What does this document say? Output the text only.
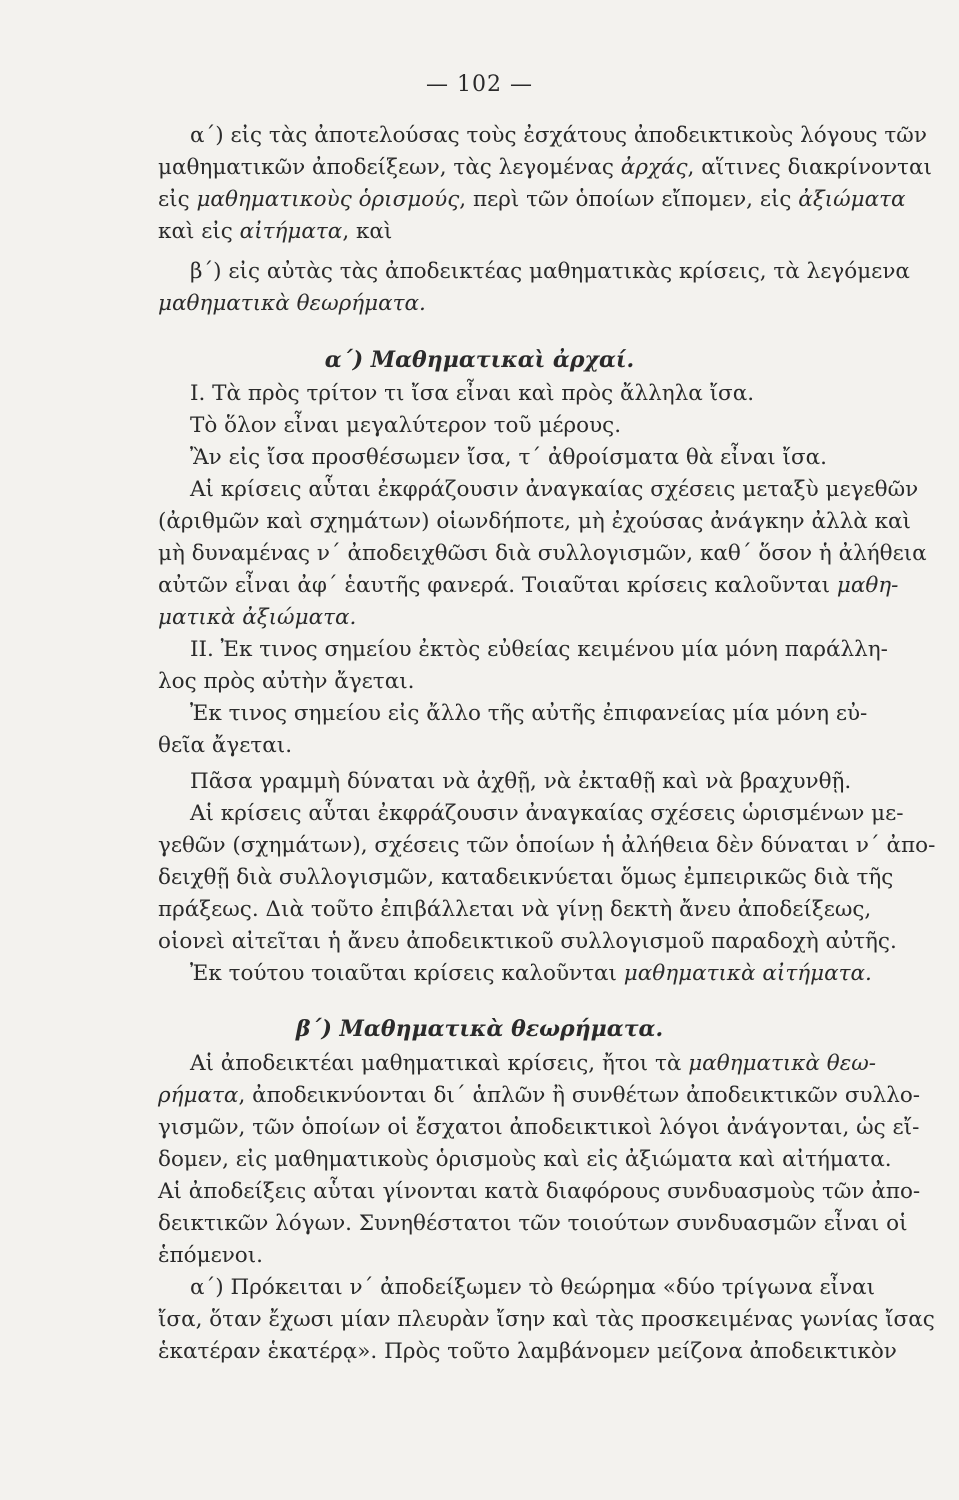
— 102 —
α΄) εἰς τὰς ἀποτελούσας τοὺς ἐσχάτους ἀποδεικτικοὺς λόγους τῶν
μαθηματικῶν ἀποδείξεων, τὰς λεγομένας ἀρχάς, αἵτινες διακρίνονται
εἰς μαθηματικοὺς ὁρισμούς, περὶ τῶν ὁποίων εἴπομεν, εἰς ἀξιώματα
καὶ εἰς αἰτήματα, καὶ
β΄) εἰς αὐτὰς τὰς ἀποδεικτέας μαθηματικὰς κρίσεις, τὰ λεγόμενα
μαθηματικὰ θεωρήματα.
α΄) Μαθηματικαὶ ἀρχαί.
I. Τὰ πρὸς τρίτον τι ἴσα εἶναι καὶ πρὸς ἄλληλα ἴσα.
Τὸ ὅλον εἶναι μεγαλύτερον τοῦ μέρους.
Ἂν εἰς ἴσα προσθέσωμεν ἴσα, τ΄ ἀθροίσματα θὰ εἶναι ἴσα.
Αἱ κρίσεις αὗται ἐκφράζουσιν ἀναγκαίας σχέσεις μεταξὺ μεγεθῶν
(ἀριθμῶν καὶ σχημάτων) οἱωνδήποτε, μὴ ἐχούσας ἀνάγκην ἀλλὰ καὶ
μὴ δυναμένας ν΄ ἀποδειχθῶσι διὰ συλλογισμῶν, καθ΄ ὅσον ἡ ἀλήθεια
αὐτῶν εἶναι ἀφ΄ ἑαυτῆς φανερά. Τοιαῦται κρίσεις καλοῦνται μαθη-
ματικὰ ἀξιώματα.
II. Ἐκ τινος σημείου ἐκτὸς εὐθείας κειμένου μία μόνη παράλλη-
λος πρὸς αὐτὴν ἄγεται.
Ἐκ τινος σημείου εἰς ἄλλο τῆς αὐτῆς ἐπιφανείας μία μόνη εὐ-
θεῖα ἄγεται.
Πᾶσα γραμμὴ δύναται νὰ ἀχθῇ, νὰ ἐκταθῇ καὶ νὰ βραχυνθῇ.
Αἱ κρίσεις αὗται ἐκφράζουσιν ἀναγκαίας σχέσεις ὡρισμένων με-
γεθῶν (σχημάτων), σχέσεις τῶν ὁποίων ἡ ἀλήθεια δὲν δύναται ν΄ ἀπο-
δειχθῇ διὰ συλλογισμῶν, καταδεικνύεται ὅμως ἐμπειρικῶς διὰ τῆς
πράξεως. Διὰ τοῦτο ἐπιβάλλεται νὰ γίνῃ δεκτὴ ἄνευ ἀποδείξεως,
οἱονεὶ αἰτεῖται ἡ ἄνευ ἀποδεικτικοῦ συλλογισμοῦ παραδοχὴ αὐτῆς.
Ἐκ τούτου τοιαῦται κρίσεις καλοῦνται μαθηματικὰ αἰτήματα.
β΄) Μαθηματικὰ θεωρήματα.
Αἱ ἀποδεικτέαι μαθηματικαὶ κρίσεις, ἤτοι τὰ μαθηματικὰ θεω-
ρήματα, ἀποδεικνύονται δι΄ ἁπλῶν ἢ συνθέτων ἀποδεικτικῶν συλλο-
γισμῶν, τῶν ὁποίων οἱ ἔσχατοι ἀποδεικτικοὶ λόγοι ἀνάγονται, ὡς εἴ-
δομεν, εἰς μαθηματικοὺς ὁρισμοὺς καὶ εἰς ἀξιώματα καὶ αἰτήματα.
Αἱ ἀποδείξεις αὗται γίνονται κατὰ διαφόρους συνδυασμοὺς τῶν ἀπο-
δεικτικῶν λόγων. Συνηθέστατοι τῶν τοιούτων συνδυασμῶν εἶναι οἱ
ἑπόμενοι.
α΄) Πρόκειται ν΄ ἀποδείξωμεν τὸ θεώρημα «δύο τρίγωνα εἶναι
ἴσα, ὅταν ἔχωσι μίαν πλευρὰν ἴσην καὶ τὰς προσκειμένας γωνίας ἴσας
ἑκατέραν ἑκατέρᾳ». Πρὸς τοῦτο λαμβάνομεν μείζονα ἀποδεικτικὸν
